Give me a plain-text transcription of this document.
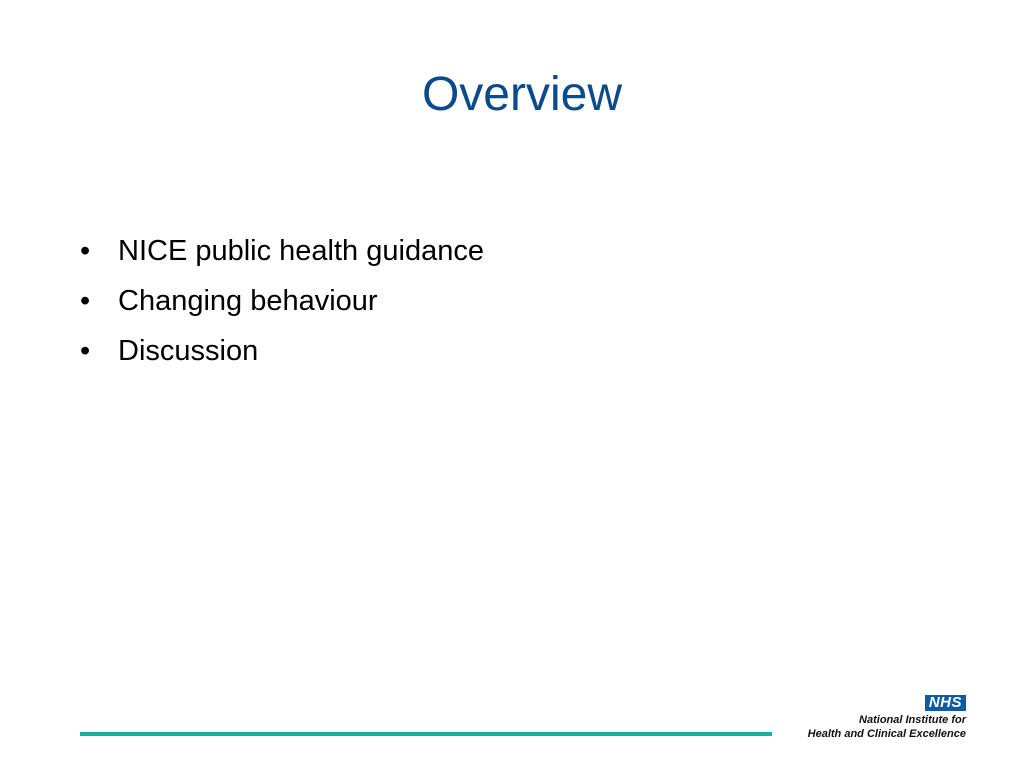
Overview
• NICE public health guidance
• Changing behaviour
• Discussion
NHS
National Institute for
Health and Clinical Excellence
